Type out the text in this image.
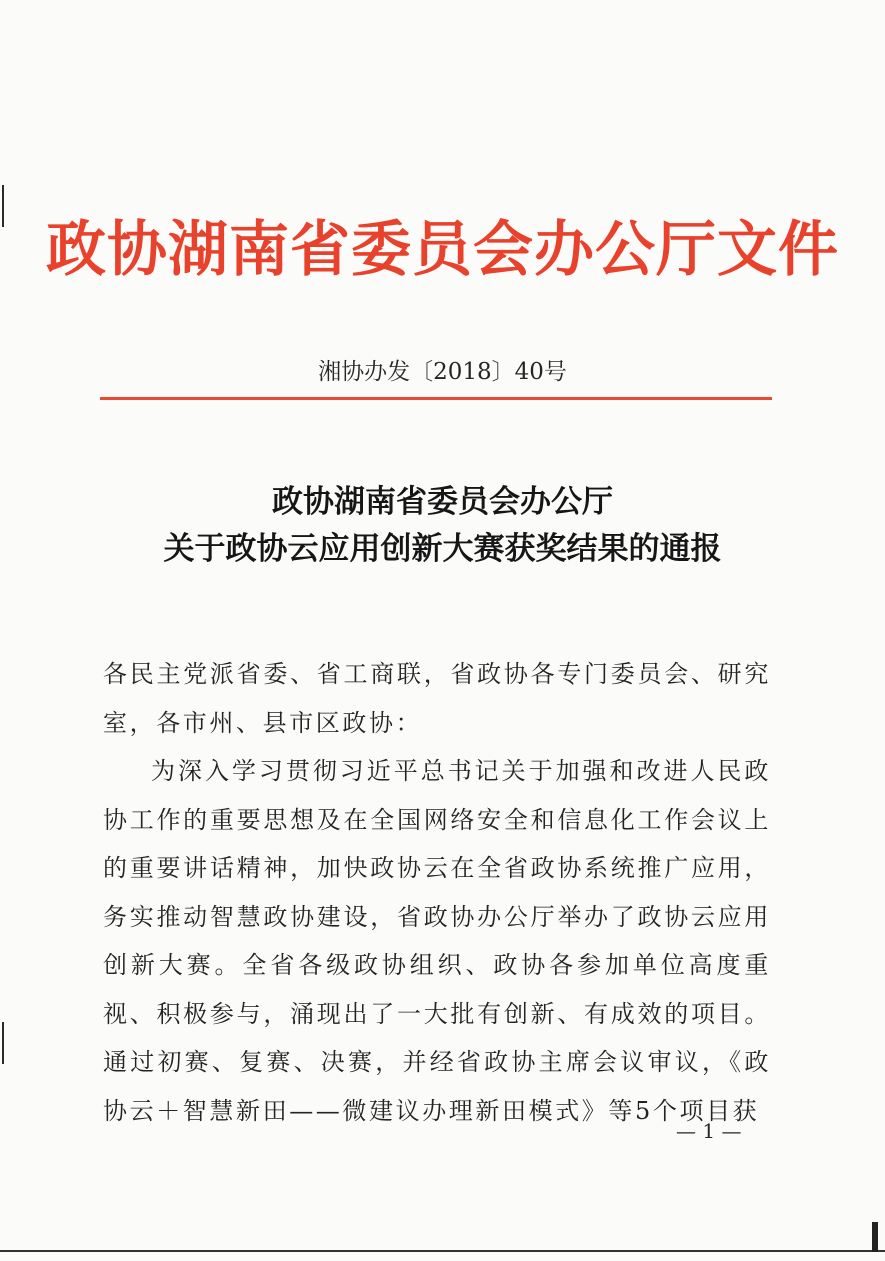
政协湖南省委员会办公厅文件
湘协办发〔2018〕40号
政协湖南省委员会办公厅
关于政协云应用创新大赛获奖结果的通报

各民主党派省委、省工商联，省政协各专门委员会、研究室，各市州、县市区政协：

为深入学习贯彻习近平总书记关于加强和改进人民政协工作的重要思想及在全国网络安全和信息化工作会议上的重要讲话精神，加快政协云在全省政协系统推广应用，务实推动智慧政协建设，省政协办公厅举办了政协云应用创新大赛。全省各级政协组织、政协各参加单位高度重视、积极参与，涌现出了一大批有创新、有成效的项目。通过初赛、复赛、决赛，并经省政协主席会议审议，《政协云＋智慧新田——微建议办理新田模式》等5个项目获

— 1 —
